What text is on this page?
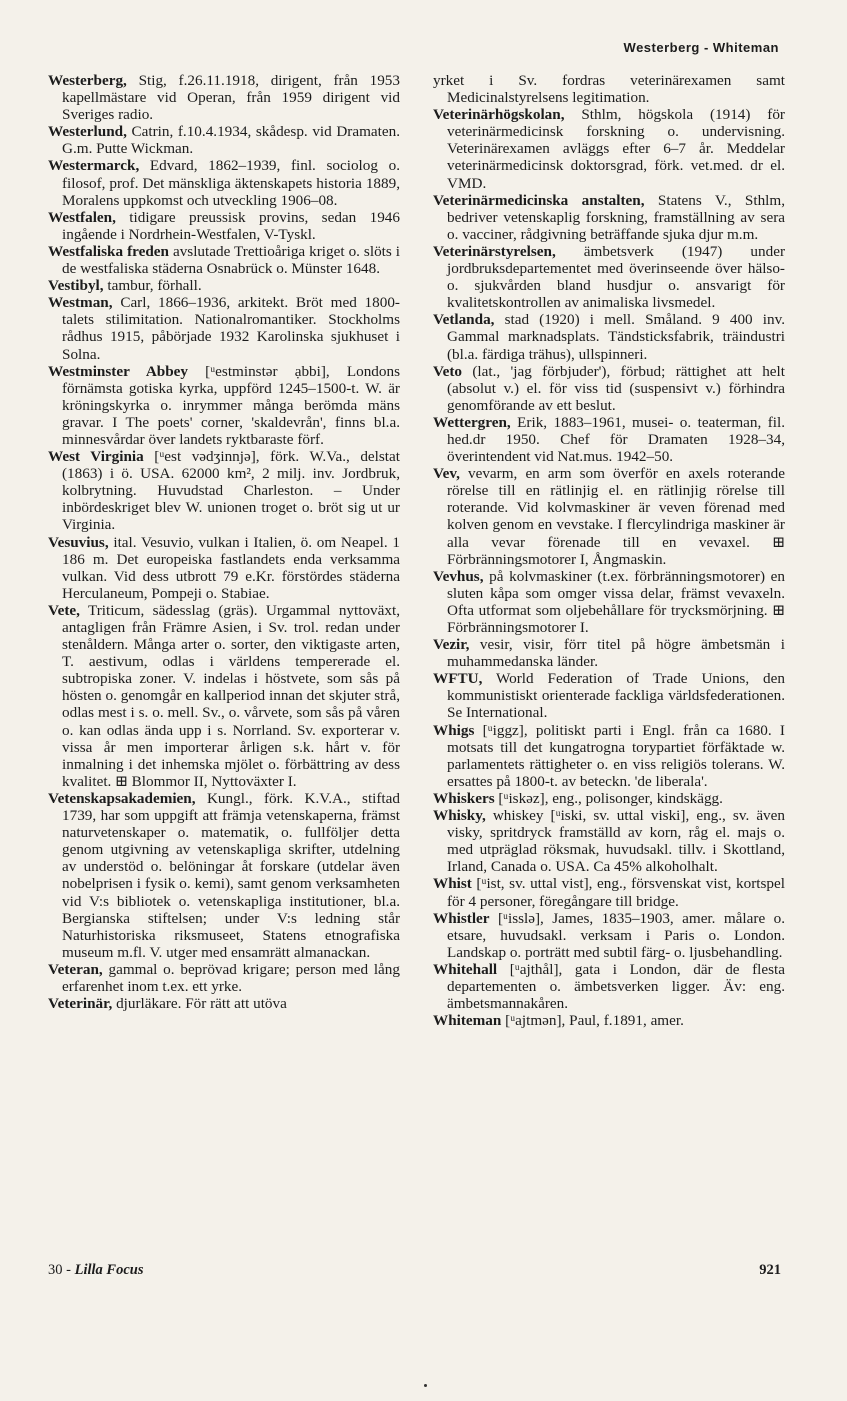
Westerberg - Whiteman

Westerberg, Stig, f.26.11.1918, dirigent, från 1953 kapellmästare vid Operan, från 1959 dirigent vid Sveriges radio.

Westerlund, Catrin, f.10.4.1934, skådesp. vid Dramaten. G.m. Putte Wickman.

Westermarck, Edvard, 1862–1939, finl. sociolog o. filosof, prof. Det mänskliga äktenskapets historia 1889, Moralens uppkomst och utveckling 1906–08.

Westfalen, tidigare preussisk provins, sedan 1946 ingående i Nordrhein-Westfalen, V-Tyskl.

Westfaliska freden avslutade Trettioåriga kriget o. slöts i de westfaliska städerna Osnabrück o. Münster 1648.

Vestibyl, tambur, förhall.

Westman, Carl, 1866–1936, arkitekt. Bröt med 1800-talets stilimitation. Nationalromantiker. Stockholms rådhus 1915, påbörjade 1932 Karolinska sjukhuset i Solna.

Westminster Abbey [ᵘestminstər ạbbi], Londons förnämsta gotiska kyrka, uppförd 1245–1500-t. W. är kröningskyrka o. inrymmer många berömda mäns gravar. I The poets' corner, 'skaldevrån', finns bl.a. minnesvårdar över landets ryktbaraste förf.

West Virginia [ᵘest vədʒinnjə], förk. W.Va., delstat (1863) i ö. USA. 62000 km², 2 milj. inv. Jordbruk, kolbrytning. Huvudstad Charleston. – Under inbördeskriget blev W. unionen troget o. bröt sig ut ur Virginia.

Vesuvius, ital. Vesuvio, vulkan i Italien, ö. om Neapel. 1 186 m. Det europeiska fastlandets enda verksamma vulkan. Vid dess utbrott 79 e.Kr. förstördes städerna Herculaneum, Pompeji o. Stabiae.

Vete, Triticum, sädesslag (gräs). Urgammal nyttoväxt, antagligen från Främre Asien, i Sv. trol. redan under stenåldern. Många arter o. sorter, den viktigaste arten, T. aestivum, odlas i världens tempererade el. subtropiska zoner. V. indelas i höstvete, som sås på hösten o. genomgår en kallperiod innan det skjuter strå, odlas mest i s. o. mell. Sv., o. vårvete, som sås på våren o. kan odlas ända upp i s. Norrland. Sv. exporterar v. vissa år men importerar årligen s.k. hårt v. för inmalning i det inhemska mjölet o. förbättring av dess kvalitet. ⊞ Blommor II, Nyttoväxter I.

Vetenskapsakademien, Kungl., förk. K.V.A., stiftad 1739, har som uppgift att främja vetenskaperna, främst naturvetenskaper o. matematik, o. fullföljer detta genom utgivning av vetenskapliga skrifter, utdelning av understöd o. belöningar åt forskare (utdelar även nobelprisen i fysik o. kemi), samt genom verksamheten vid V:s bibliotek o. vetenskapliga institutioner, bl.a. Bergianska stiftelsen; under V:s ledning står Naturhistoriska riksmuseet, Statens etnografiska museum m.fl. V. utger med ensamrätt almanackan.

Veteran, gammal o. beprövad krigare; person med lång erfarenhet inom t.ex. ett yrke.

Veterinär, djurläkare. För rätt att utöva

yrket i Sv. fordras veterinärexamen samt Medicinalstyrelsens legitimation.

Veterinärhögskolan, Sthlm, högskola (1914) för veterinärmedicinsk forskning o. undervisning. Veterinärexamen avläggs efter 6–7 år. Meddelar veterinärmedicinsk doktorsgrad, förk. vet.med. dr el. VMD.

Veterinärmedicinska anstalten, Statens V., Sthlm, bedriver vetenskaplig forskning, framställning av sera o. vacciner, rådgivning beträffande sjuka djur m.m.

Veterinärstyrelsen, ämbetsverk (1947) under jordbruksdepartementet med överinseende över hälso- o. sjukvården bland husdjur o. ansvarigt för kvalitetskontrollen av animaliska livsmedel.

Vetlanda, stad (1920) i mell. Småland. 9 400 inv. Gammal marknadsplats. Tändsticksfabrik, träindustri (bl.a. färdiga trähus), ullspinneri.

Veto (lat., 'jag förbjuder'), förbud; rättighet att helt (absolut v.) el. för viss tid (suspensivt v.) förhindra genomförande av ett beslut.

Wettergren, Erik, 1883–1961, musei- o. teaterman, fil. hed.dr 1950. Chef för Dramaten 1928–34, överintendent vid Nat.mus. 1942–50.

Vev, vevarm, en arm som överför en axels roterande rörelse till en rätlinjig el. en rätlinjig rörelse till roterande. Vid kolvmaskiner är veven förenad med kolven genom en vevstake. I flercylindriga maskiner är alla vevar förenade till en vevaxel. ⊞ Förbränningsmotorer I, Ångmaskin.

Vevhus, på kolvmaskiner (t.ex. förbränningsmotorer) en sluten kåpa som omger vissa delar, främst vevaxeln. Ofta utformat som oljebehållare för trycksmörjning. ⊞ Förbränningsmotorer I.

Vezir, vesir, visir, förr titel på högre ämbetsmän i muhammedanska länder.

WFTU, World Federation of Trade Unions, den kommunistiskt orienterade fackliga världsfederationen. Se International.

Whigs [ᵘiggz], politiskt parti i Engl. från ca 1680. I motsats till det kungatrogna torypartiet förfäktade w. parlamentets rättigheter o. en viss religiös tolerans. W. ersattes på 1800-t. av beteckn. 'de liberala'.

Whiskers [ᵘiskəz], eng., polisonger, kindskägg.

Whisky, whiskey [ᵘiski, sv. uttal viski], eng., sv. även visky, spritdryck framställd av korn, råg el. majs o. med utpräglad röksmak, huvudsakl. tillv. i Skottland, Irland, Canada o. USA. Ca 45% alkoholhalt.

Whist [ᵘist, sv. uttal vist], eng., försvenskat vist, kortspel för 4 personer, föregångare till bridge.

Whistler [ᵘisslə], James, 1835–1903, amer. målare o. etsare, huvudsakl. verksam i Paris o. London. Landskap o. porträtt med subtil färg- o. ljusbehandling.

Whitehall [ᵘajthål], gata i London, där de flesta departementen o. ämbetsverken ligger. Äv: eng. ämbetsmannakåren.

Whiteman [ᵘajtmən], Paul, f.1891, amer.

30 - Lilla Focus	921
